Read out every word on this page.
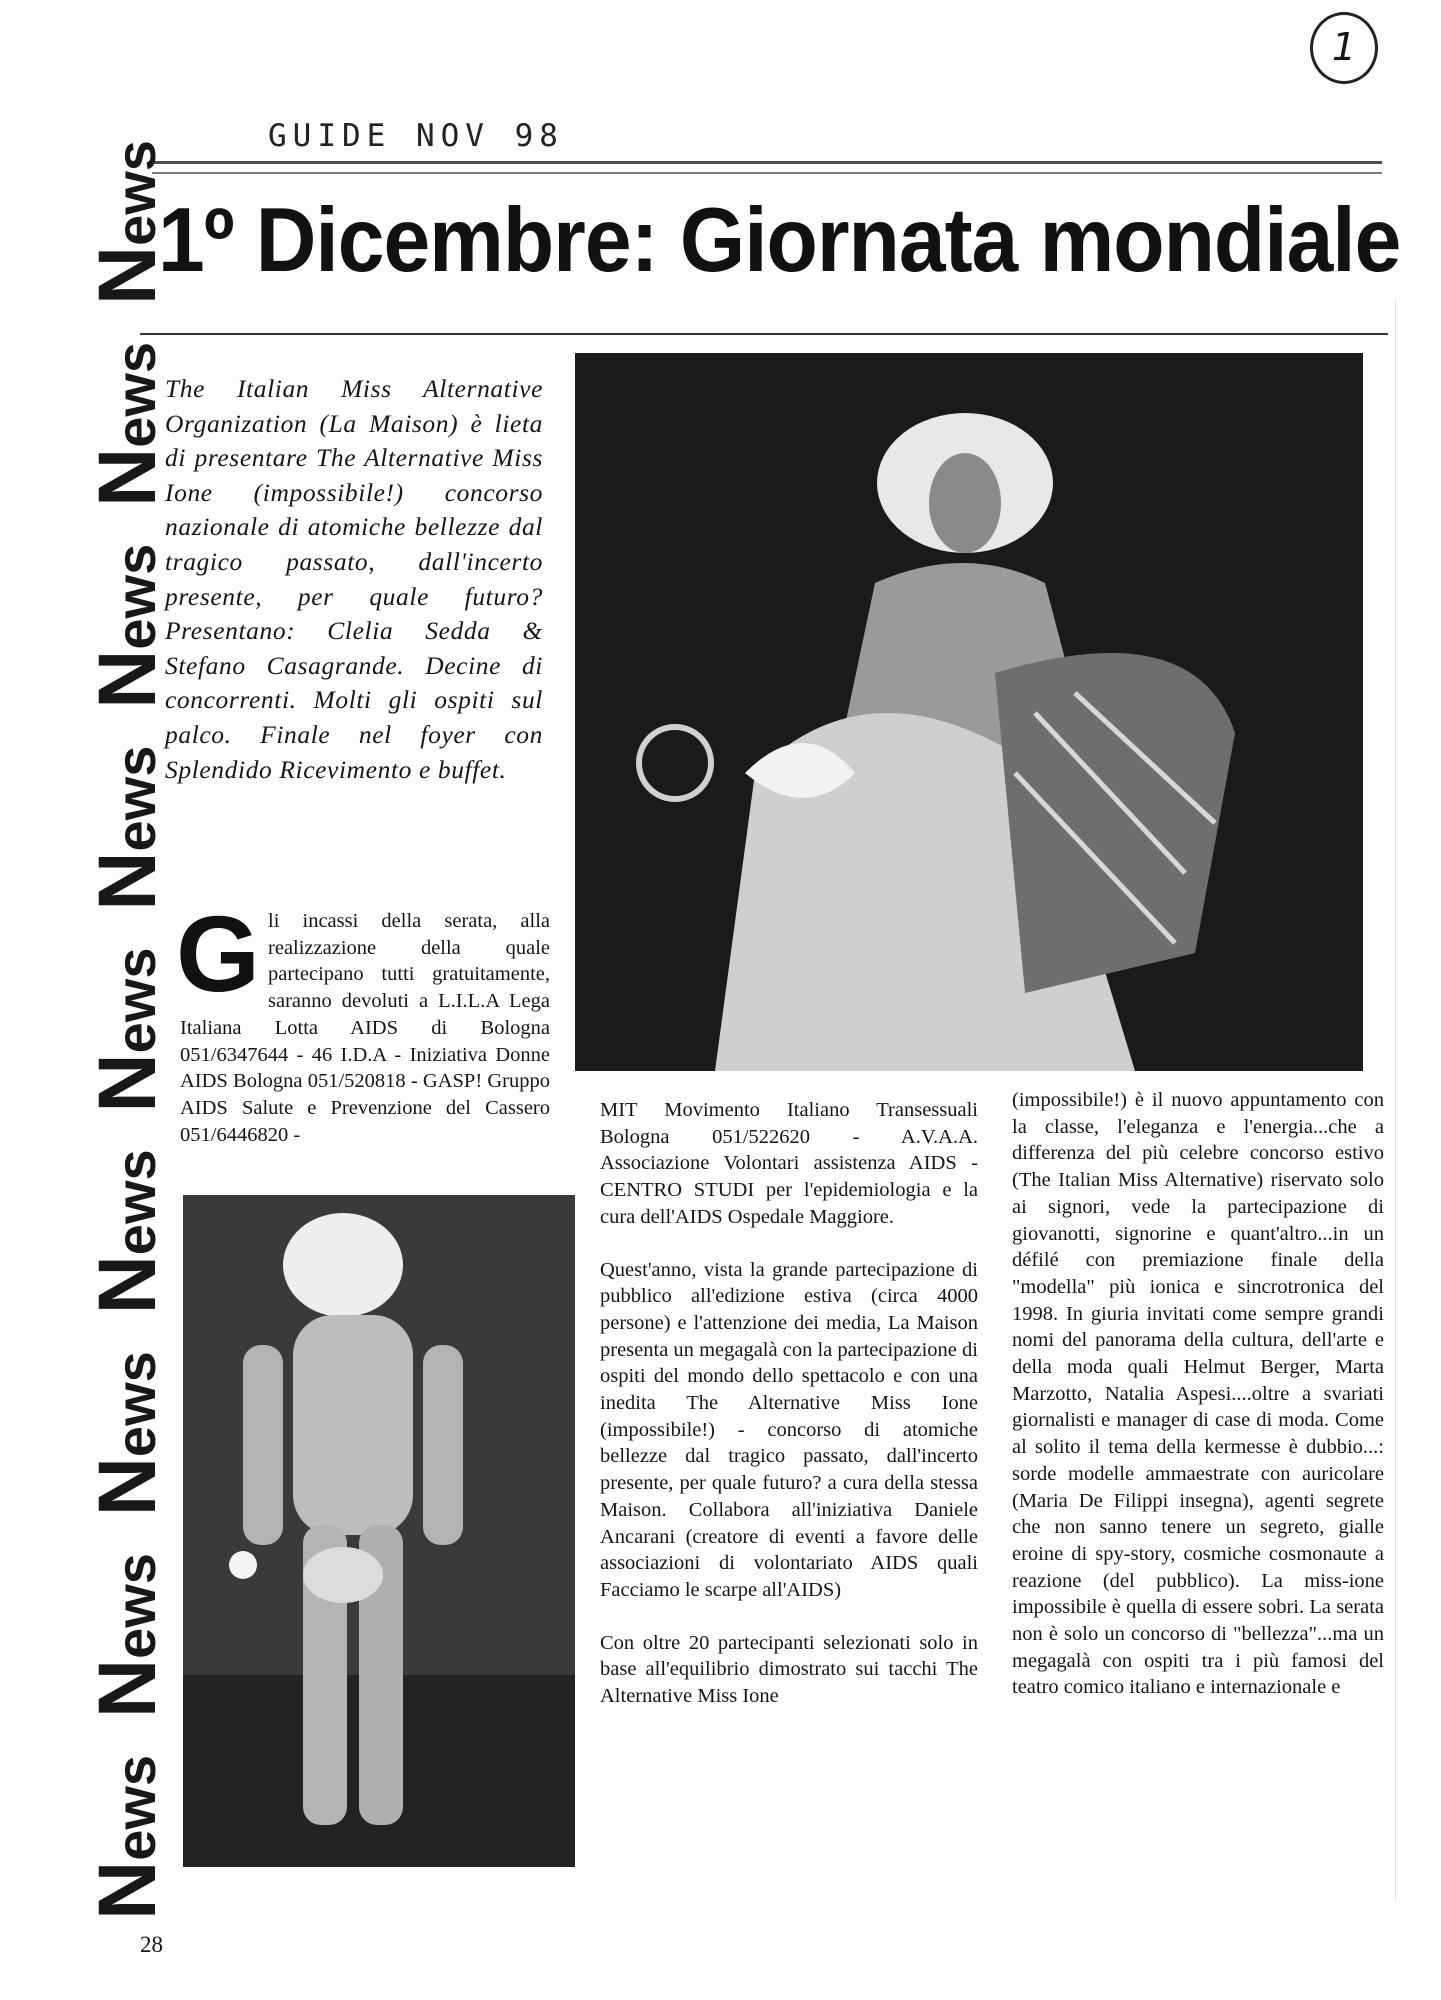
1
GUIDE NOV 98
1º Dicembre: Giornata mondiale
News
News
News
News
News
News
News
News
News
The Italian Miss Alternative Organization (La Maison) è lieta di presentare The Alternative Miss Ione (impossibile!) concorso nazionale di atomiche bellezze dal tragico passato, dall'incerto presente, per quale futuro? Presentano: Clelia Sedda & Stefano Casagrande. Decine di concorrenti. Molti gli ospiti sul palco. Finale nel foyer con Splendido Ricevimento e buffet.
Gli incassi della serata, alla realizzazione della quale partecipano tutti gratuitamente, saranno devoluti a L.I.L.A Lega Italiana Lotta AIDS di Bologna 051/6347644 - 46 I.D.A - Iniziativa Donne AIDS Bologna 051/520818 - GASP! Gruppo AIDS Salute e Prevenzione del Cassero 051/6446820 -

MIT Movimento Italiano Transessuali Bologna 051/522620 - A.V.A.A. Associazione Volontari assistenza AIDS - CENTRO STUDI per l'epidemiologia e la cura dell'AIDS Ospedale Maggiore.

Quest'anno, vista la grande partecipazione di pubblico all'edizione estiva (circa 4000 persone) e l'attenzione dei media, La Maison presenta un megagalà con la partecipazione di ospiti del mondo dello spettacolo e con una inedita The Alternative Miss Ione (impossibile!) - concorso di atomiche bellezze dal tragico passato, dall'incerto presente, per quale futuro? a cura della stessa Maison. Collabora all'iniziativa Daniele Ancarani (creatore di eventi a favore delle associazioni di volontariato AIDS quali Facciamo le scarpe all'AIDS)

Con oltre 20 partecipanti selezionati solo in base all'equilibrio dimostrato sui tacchi The Alternative Miss Ione

(impossibile!) è il nuovo appuntamento con la classe, l'eleganza e l'energia...che a differenza del più celebre concorso estivo (The Italian Miss Alternative) riservato solo ai signori, vede la partecipazione di giovanotti, signorine e quant'altro...in un défilé con premiazione finale della "modella" più ionica e sincrotronica del 1998. In giuria invitati come sempre grandi nomi del panorama della cultura, dell'arte e della moda quali Helmut Berger, Marta Marzotto, Natalia Aspesi....oltre a svariati giornalisti e manager di case di moda. Come al solito il tema della kermesse è dubbio...: sorde modelle ammaestrate con auricolare (Maria De Filippi insegna), agenti segrete che non sanno tenere un segreto, gialle eroine di spy-story, cosmiche cosmonaute a reazione (del pubblico). La miss-ione impossibile è quella di essere sobri. La serata non è solo un concorso di "bellezza"...ma un megagalà con ospiti tra i più famosi del teatro comico italiano e internazionale e
28
